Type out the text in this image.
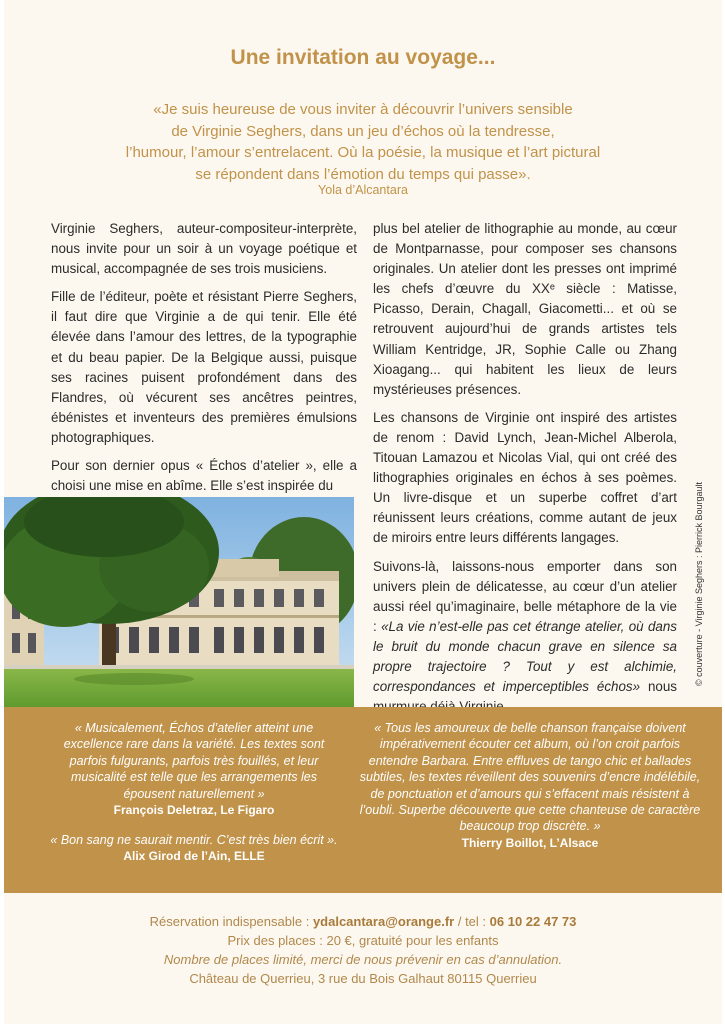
Une invitation au voyage...
«Je suis heureuse de vous inviter à découvrir l’univers sensible
de Virginie Seghers, dans un jeu d’échos où la tendresse,
l’humour, l’amour s’entrelacent. Où la poésie, la musique et l’art pictural
se répondent dans l’émotion du temps qui passe».
Yola d’Alcantara

Virginie Seghers, auteur-compositeur-interprète, nous invite pour un soir à un voyage poétique et musical, accompagnée de ses trois musiciens.

Fille de l’éditeur, poète et résistant Pierre Seghers, il faut dire que Virginie a de qui tenir. Elle été élevée dans l’amour des lettres, de la typographie et du beau papier. De la Belgique aussi, puisque ses racines puisent profondément dans des Flandres, où vécurent ses ancêtres peintres, ébénistes et inventeurs des premières émulsions photographiques.

Pour son dernier opus « Échos d’atelier », elle a choisi une mise en abîme. Elle s’est inspirée du

plus bel atelier de lithographie au monde, au cœur de Montparnasse, pour composer ses chansons originales. Un atelier dont les presses ont imprimé les chefs d’œuvre du XXᵉ siècle : Matisse, Picasso, Derain, Chagall, Giacometti... et où se retrouvent aujourd’hui de grands artistes tels William Kentridge, JR, Sophie Calle ou Zhang Xioagang... qui habitent les lieux de leurs mystérieuses présences.

Les chansons de Virginie ont inspiré des artistes de renom : David Lynch, Jean-Michel Alberola, Titouan Lamazou et Nicolas Vial, qui ont créé des lithographies originales en échos à ses poèmes. Un livre-disque et un superbe coffret d’art réunissent leurs créations, comme autant de jeux de miroirs entre leurs différents langages.

Suivons-là, laissons-nous emporter dans son univers plein de délicatesse, au cœur d’un atelier aussi réel qu’imaginaire, belle métaphore de la vie : «La vie n’est-elle pas cet étrange atelier, où dans le bruit du monde chacun grave en silence sa propre trajectoire ? Tout y est alchimie, correspondances et imperceptibles échos» nous

© couverture - Virginie Seghers : Pierrick Bourgault
« Musicalement, Échos d’atelier atteint une excellence rare dans la variété. Les textes sont parfois fulgurants, parfois très fouillés, et leur musicalité est telle que les arrangements les épousent naturellement »
François Deletraz, Le Figaro
« Bon sang ne saurait mentir. C’est très bien écrit ».
Alix Girod de l’Ain, ELLE
« Tous les amoureux de belle chanson française doivent impérativement écouter cet album, où l’on croit parfois entendre Barbara. Entre effluves de tango chic et ballades subtiles, les textes réveillent des souvenirs d’encre indélébile, de ponctuation et d’amours qui s’effacent mais résistent à l’oubli. Superbe découverte que cette chanteuse de caractère beaucoup trop discrète. »
Thierry Boillot, L’Alsace
Réservation indispensable : ydalcantara@orange.fr / tel : 06 10 22 47 73
Prix des places : 20 €, gratuité pour les enfants
Nombre de places limité, merci de nous prévenir en cas d’annulation.
Château de Querrieu, 3 rue du Bois Galhaut 80115 Querrieu
